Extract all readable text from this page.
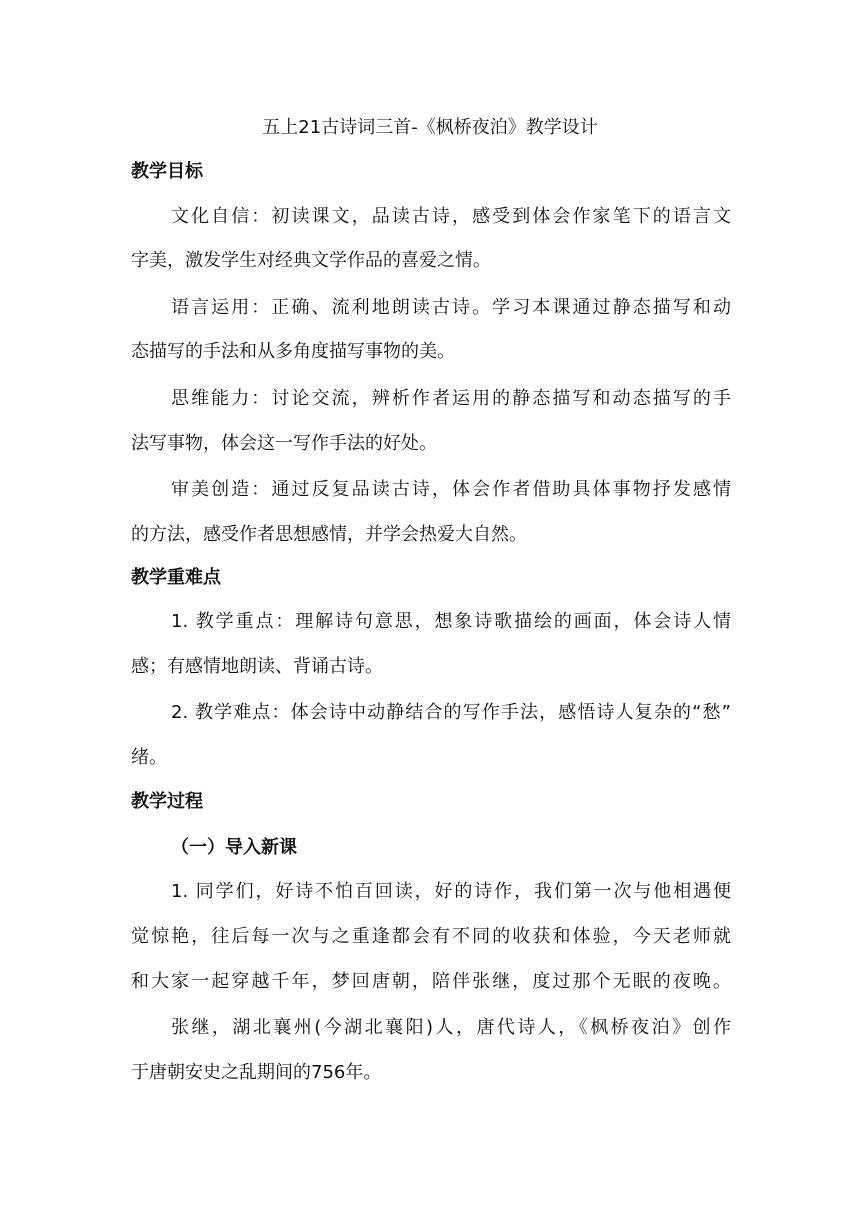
五上21古诗词三首-《枫桥夜泊》教学设计
教学目标
文化自信：初读课文，品读古诗，感受到体会作家笔下的语言文
字美，激发学生对经典文学作品的喜爱之情。
语言运用：正确、流利地朗读古诗。学习本课通过静态描写和动
态描写的手法和从多角度描写事物的美。
思维能力：讨论交流，辨析作者运用的静态描写和动态描写的手
法写事物，体会这一写作手法的好处。
审美创造：通过反复品读古诗，体会作者借助具体事物抒发感情
的方法，感受作者思想感情，并学会热爱大自然。
教学重难点
1. 教学重点：理解诗句意思，想象诗歌描绘的画面，体会诗人情
感；有感情地朗读、背诵古诗。
2. 教学难点：体会诗中动静结合的写作手法，感悟诗人复杂的“愁”
绪。
教学过程
（一）导入新课
1. 同学们，好诗不怕百回读，好的诗作，我们第一次与他相遇便
觉惊艳，往后每一次与之重逢都会有不同的收获和体验，今天老师就
和大家一起穿越千年，梦回唐朝，陪伴张继，度过那个无眠的夜晚。
张继，湖北襄州(今湖北襄阳)人，唐代诗人，《枫桥夜泊》创作
于唐朝安史之乱期间的756年。
